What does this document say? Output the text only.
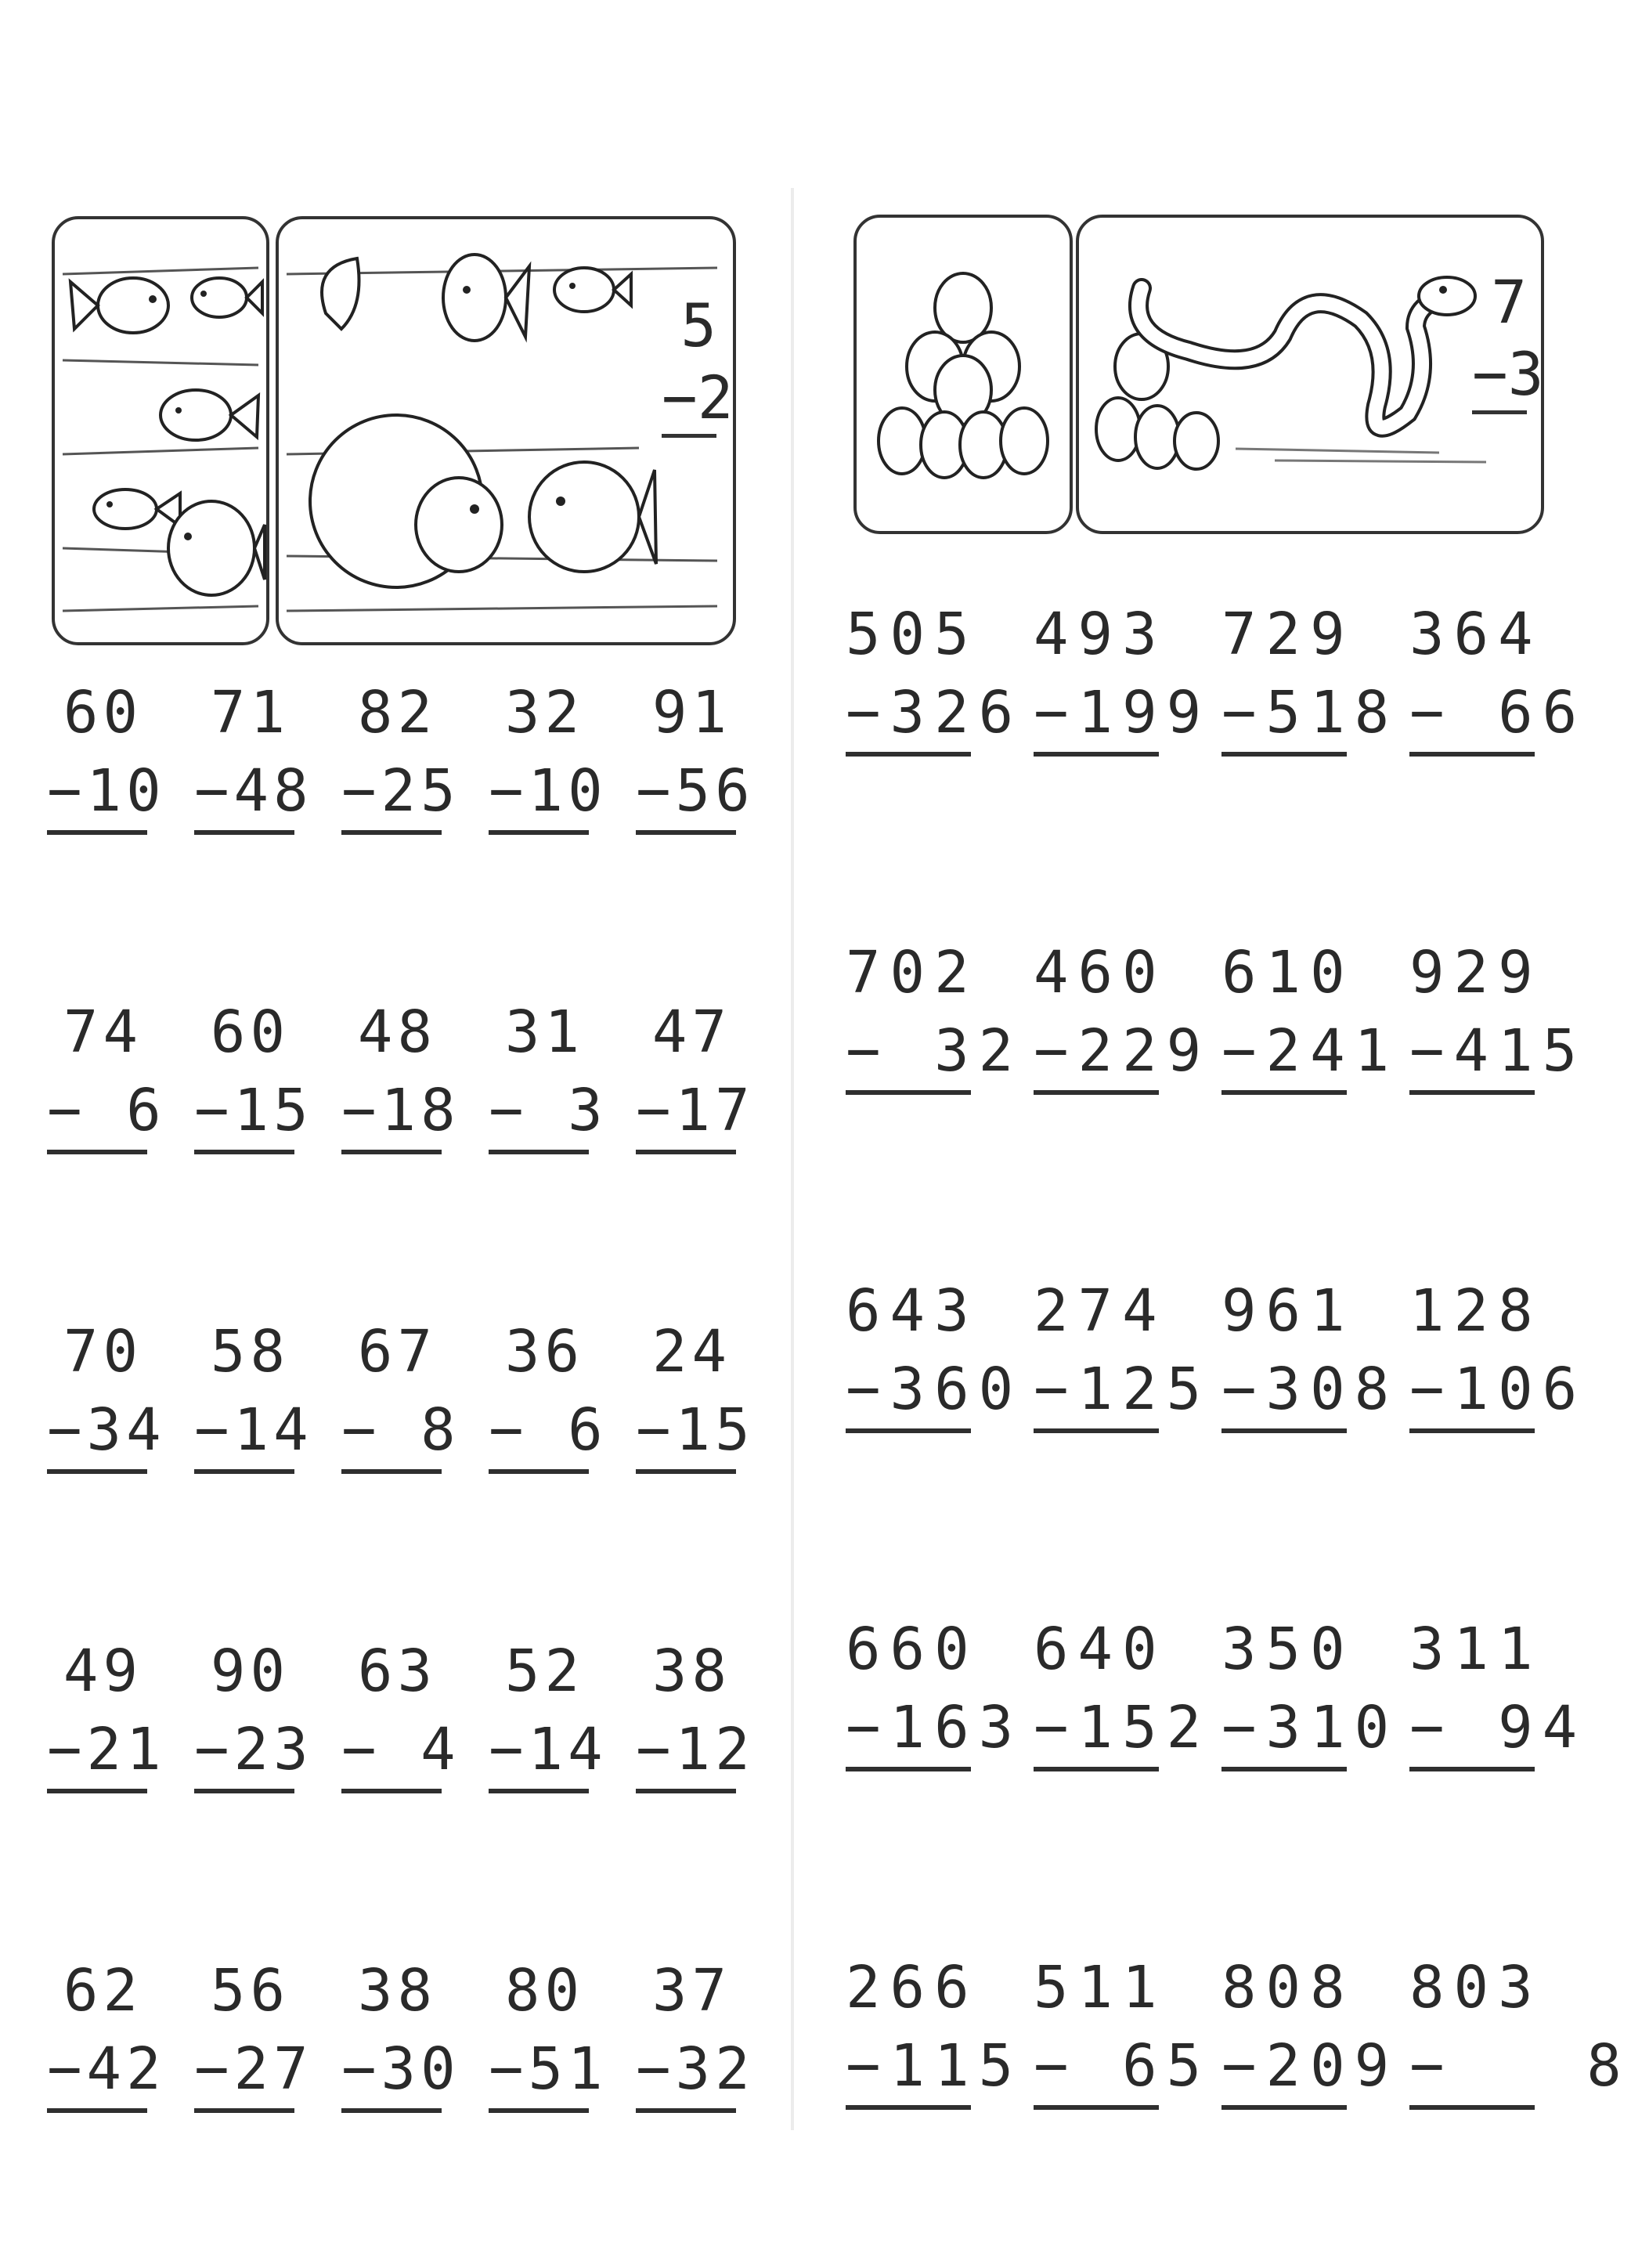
5
−2
7
−3
60
−10
71
−48
82
−25
32
−10
91
−56
74
− 6
60
−15
48
−18
31
− 3
47
−17
70
−34
58
−14
67
− 8
36
− 6
24
−15
49
−21
90
−23
63
− 4
52
−14
38
−12
62
−42
56
−27
38
−30
80
−51
37
−32
505
−326
493
−199
729
−518
364
− 66
702
− 32
460
−229
610
−241
929
−415
643
−360
274
−125
961
−308
128
−106
660
−163
640
−152
350
−310
311
− 94
266
−115
511
− 65
808
−209
803
−   8
